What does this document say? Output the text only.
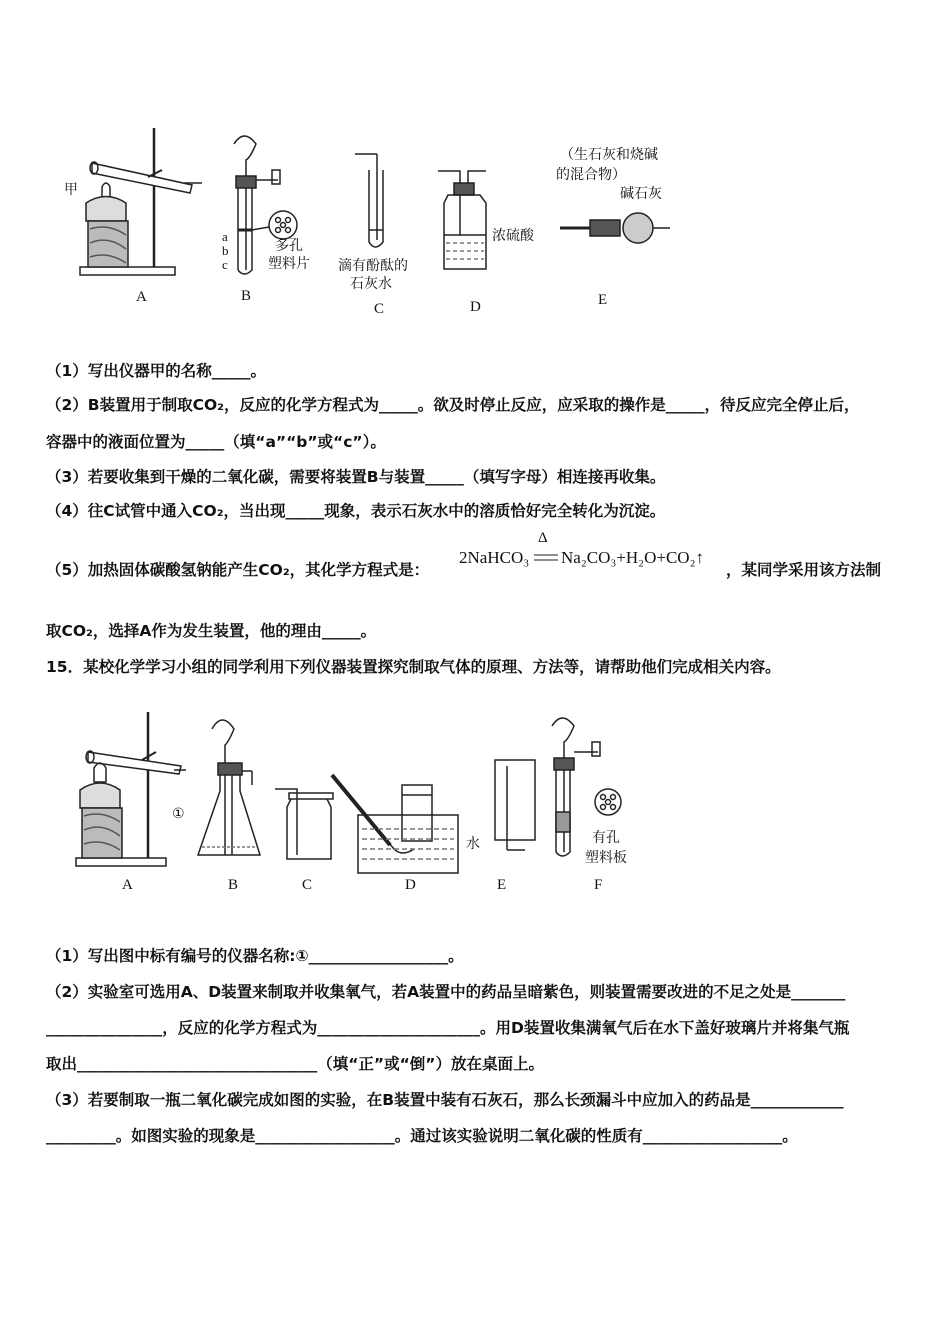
甲
a
b
c
多孔
塑料片 滴有酚酞的
石灰水
浓硫酸
（生石灰和烧碱
的混合物）
碱石灰
A	B
C	D	E
（1）写出仪器甲的名称_____。
（2）B装置用于制取CO₂，反应的化学方程式为_____。欲及时停止反应，应采取的操作是_____，待反应完全停止后，
容器中的液面位置为_____（填“a”“b”或“c”）。
（3）若要收集到干燥的二氧化碳，需要将装置B与装置_____（填写字母）相连接再收集。
（4）往C试管中通入CO₂，当出现_____现象，表示石灰水中的溶质恰好完全转化为沉淀。
（5）加热固体碳酸氢钠能产生CO₂，其化学方程式是：
2NaHCO₃
Δ
Na₂CO₃+H₂O+CO₂↑
，某同学采用该方法制
取CO₂，选择A作为发生装置，他的理由_____。
15．某校化学学习小组的同学利用下列仪器装置探究制取气体的原理、方法等，请帮助他们完成相关内容。
①
水	有孔
塑料板
A	B	C	D	E	F
（1）写出图中标有编号的仪器名称:①__________________。
（2）实验室可选用A、D装置来制取并收集氧气，若A装置中的药品呈暗紫色，则装置需要改进的不足之处是_______
_______________，反应的化学方程式为_____________________。用D装置收集满氧气后在水下盖好玻璃片并将集气瓶
取出_______________________________（填“正”或“倒”）放在桌面上。
（3）若要制取一瓶二氧化碳完成如图的实验，在B装置中装有石灰石，那么长颈漏斗中应加入的药品是____________
_________。如图实验的现象是__________________。通过该实验说明二氧化碳的性质有__________________。
